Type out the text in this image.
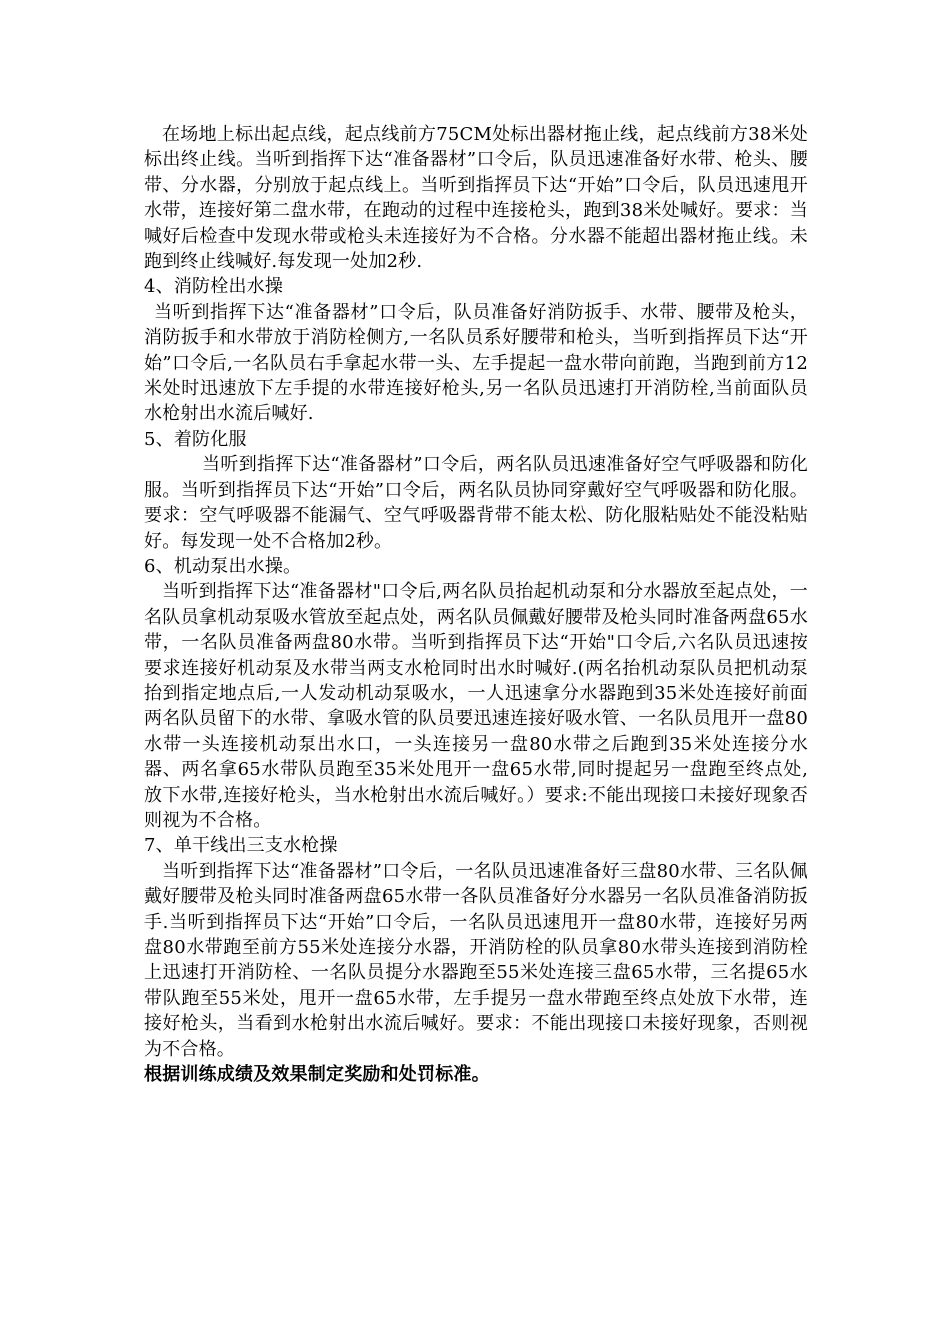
在场地上标出起点线，起点线前方75CM处标出器材拖止线，起点线前方38米处标出终止线。当听到指挥下达“准备器材”口令后，队员迅速准备好水带、枪头、腰带、分水器，分别放于起点线上。当听到指挥员下达“开始”口令后，队员迅速甩开水带，连接好第二盘水带，在跑动的过程中连接枪头，跑到38米处喊好。要求：当喊好后检查中发现水带或枪头未连接好为不合格。分水器不能超出器材拖止线。未跑到终止线喊好.每发现一处加2秒.

4、消防栓出水操

当听到指挥下达“准备器材”口令后，队员准备好消防扳手、水带、腰带及枪头，消防扳手和水带放于消防栓侧方,一名队员系好腰带和枪头，当听到指挥员下达“开始”口令后,一名队员右手拿起水带一头、左手提起一盘水带向前跑，当跑到前方12米处时迅速放下左手提的水带连接好枪头,另一名队员迅速打开消防栓,当前面队员水枪射出水流后喊好.

5、着防化服

当听到指挥下达“准备器材”口令后，两名队员迅速准备好空气呼吸器和防化服。当听到指挥员下达“开始”口令后，两名队员协同穿戴好空气呼吸器和防化服。要求：空气呼吸器不能漏气、空气呼吸器背带不能太松、防化服粘贴处不能没粘贴好。每发现一处不合格加2秒。

6、机动泵出水操。

当听到指挥下达“准备器材"口令后,两名队员抬起机动泵和分水器放至起点处，一名队员拿机动泵吸水管放至起点处，两名队员佩戴好腰带及枪头同时准备两盘65水带，一名队员准备两盘80水带。当听到指挥员下达“开始"口令后,六名队员迅速按要求连接好机动泵及水带当两支水枪同时出水时喊好.(两名抬机动泵队员把机动泵抬到指定地点后,一人发动机动泵吸水，一人迅速拿分水器跑到35米处连接好前面两名队员留下的水带、拿吸水管的队员要迅速连接好吸水管、一名队员甩开一盘80水带一头连接机动泵出水口，一头连接另一盘80水带之后跑到35米处连接分水器、两名拿65水带队员跑至35米处甩开一盘65水带,同时提起另一盘跑至终点处,放下水带,连接好枪头，当水枪射出水流后喊好。）要求:不能出现接口未接好现象否则视为不合格。

7、单干线出三支水枪操

当听到指挥下达“准备器材”口令后，一名队员迅速准备好三盘80水带、三名队佩戴好腰带及枪头同时准备两盘65水带一各队员准备好分水器另一名队员准备消防扳手.当听到指挥员下达“开始”口令后，一名队员迅速甩开一盘80水带，连接好另两盘80水带跑至前方55米处连接分水器，开消防栓的队员拿80水带头连接到消防栓上迅速打开消防栓、一名队员提分水器跑至55米处连接三盘65水带，三名提65水带队跑至55米处，甩开一盘65水带，左手提另一盘水带跑至终点处放下水带，连接好枪头，当看到水枪射出水流后喊好。要求：不能出现接口未接好现象，否则视为不合格。

根据训练成绩及效果制定奖励和处罚标准。
